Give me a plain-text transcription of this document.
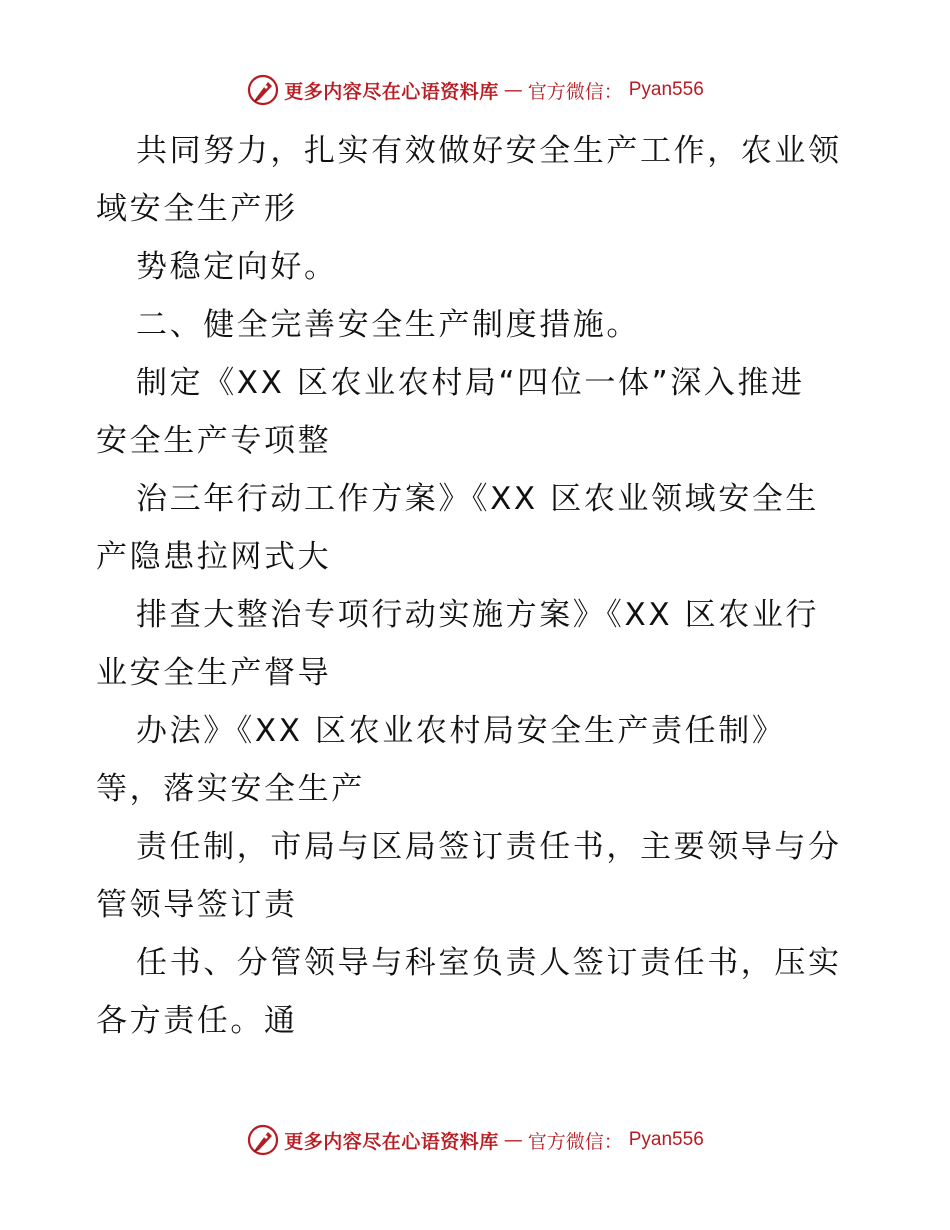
更多内容尽在心语资料库 — 官方微信： Pyan556
共同努力，扎实有效做好安全生产工作，农业领
域安全生产形
势稳定向好。
二、健全完善安全生产制度措施。
制定《XX 区农业农村局“四位一体”深入推进
安全生产专项整
治三年行动工作方案》《XX 区农业领域安全生
产隐患拉网式大
排查大整治专项行动实施方案》《XX 区农业行
业安全生产督导
办法》《XX 区农业农村局安全生产责任制》
等，落实安全生产
责任制，市局与区局签订责任书，主要领导与分
管领导签订责
任书、分管领导与科室负责人签订责任书，压实
各方责任。通
更多内容尽在心语资料库 — 官方微信： Pyan556
